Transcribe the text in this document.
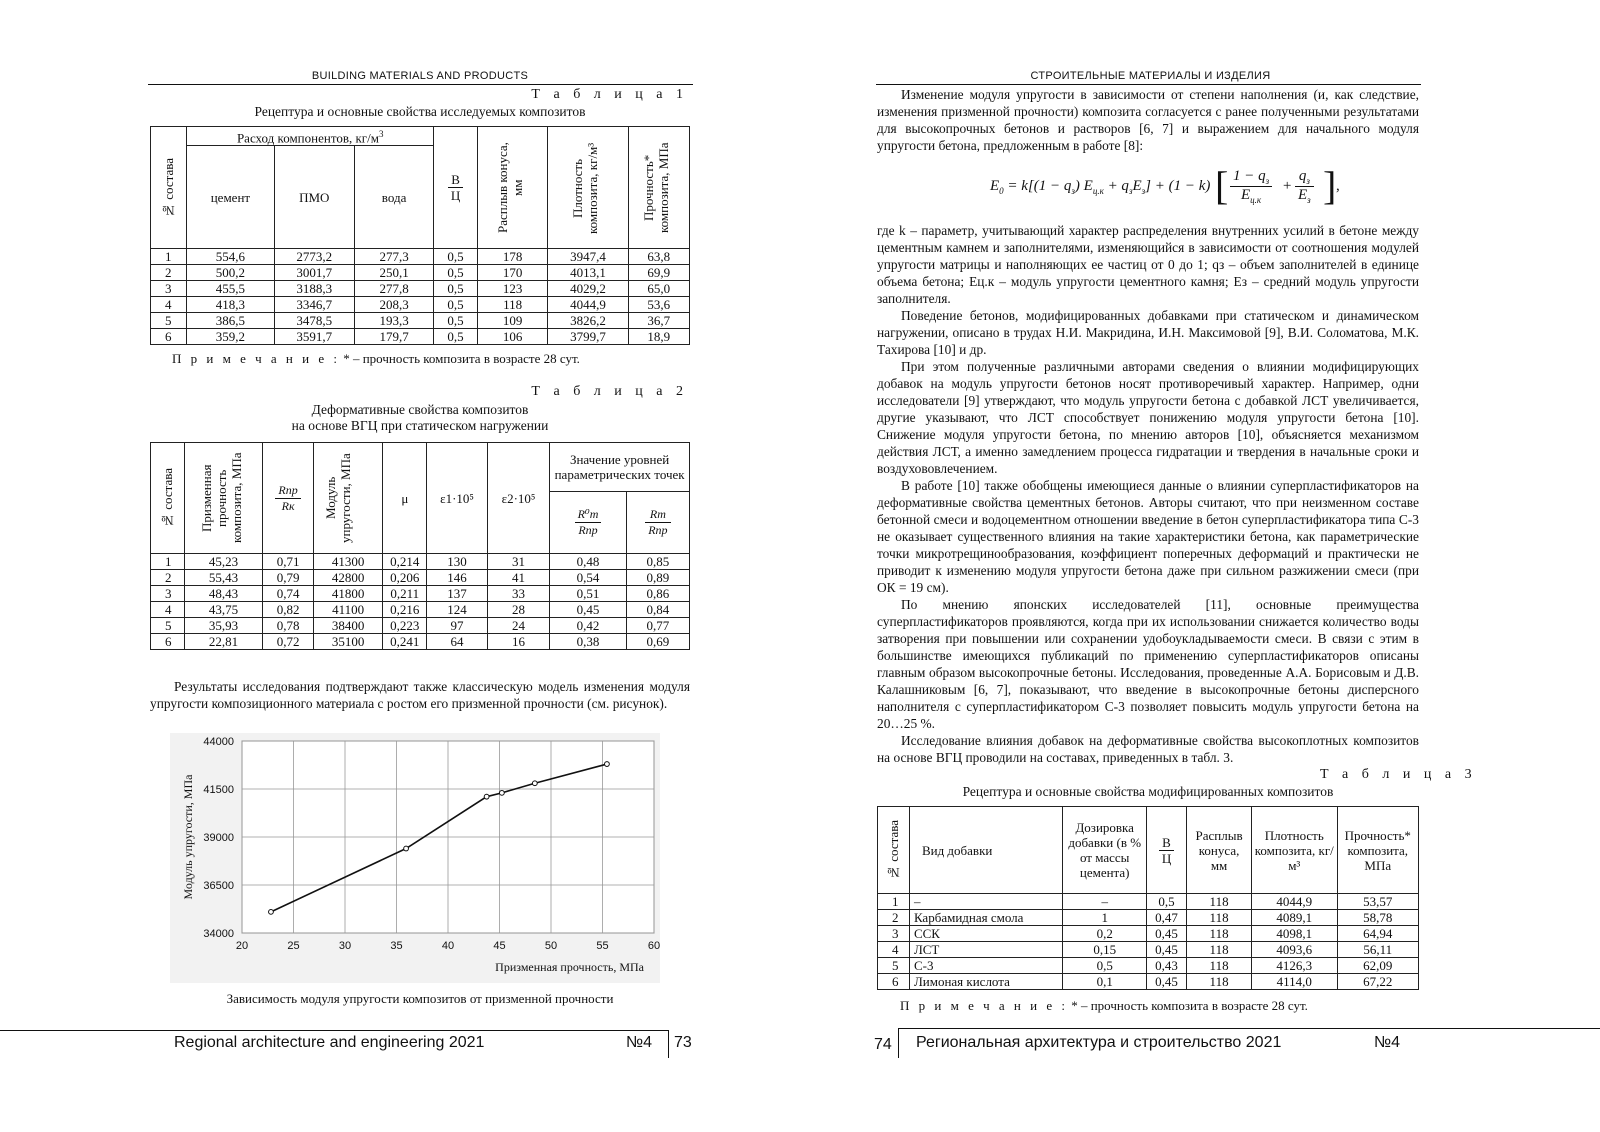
BUILDING MATERIALS AND PRODUCTS
Т а б л и ц а 1
Рецептура и основные свойства исследуемых композитов
№ состава	Расход компонентов, $кг/м^3$			$\frac{В}{Ц}$	Расплыв конуса, мм	Плотность композита, кг/м³	Прочность* композита, МПа

	цемент	ПМО	вода				
1	554,6	2773,2	277,3	0,5	178	3947,4	63,8
2	500,2	3001,7	250,1	0,5	170	4013,1	69,9
3	455,5	3188,3	277,8	0,5	123	4029,2	65,0
4	418,3	3346,7	208,3	0,5	118	4044,9	53,6
5	386,5	3478,5	193,3	0,5	109	3826,2	36,7
6	359,2	3591,7	179,7	0,5	106	3799,7	18,9
П р и м е ч а н и е : * – прочность композита в возрасте 28 сут.
Т а б л и ц а 2
Деформативные свойства композитов
на основе ВГЦ при статическом нагружении
№ состава	Призменная прочность композита, МПа	$\frac{\text{Rпр}}{Rк}$	Модуль упругости, МПа	μ	ε1·10⁵	ε2·10⁵	Значение уровней параметрических точек	

							$\frac{\text{R⁰т}}{\text{Rпр}}$	$\frac{Rт}{\text{Rпр}}$

1	45,23	0,71	41300	0,214	130	31	0,48	0,85
2	55,43	0,79	42800	0,206	146	41	0,54	0,89
3	48,43	0,74	41800	0,211	137	33	0,51	0,86
4	43,75	0,82	41100	0,216	124	28	0,45	0,84
5	35,93	0,78	38400	0,223	97	24	0,42	0,77
6	22,81	0,72	35100	0,241	64	16	0,38	0,69

Результаты исследования подтверждают также классическую модель изменения модуля упругости композиционного материала с ростом его призменной прочности (см. рисунок).

20	25	30	35	40	45	50	55	60
34000
36500
39000
41500
44000
Призменная прочность, МПа
Модуль упругости, МПа
Зависимость модуля упругости композитов от призменной прочности
Regional architecture and engineering 2021	№4 73
СТРОИТЕЛЬНЫЕ МАТЕРИАЛЫ И ИЗДЕЛИЯ

Изменение модуля упругости в зависимости от степени наполнения (и, как следствие, изменения призменной прочности) композита согласуется с ранее полученными результатами для высокопрочных бетонов и растворов [6, 7] и выражением для начального модуля упругости бетона, предложенным в работе [8]:

$E_0 = k[(1 - q_з) E_{ц.к} + q_зE_з] + (1 - k)$ [ $1 - q_з$
$E_{ц.к}$
+
$q_з$
$E_з$ ] ,

где k – параметр, учитывающий характер распределения внутренних усилий в бетоне между цементным камнем и заполнителями, изменяющийся в зависимости от соотношения модулей упругости матрицы и наполняющих ее частиц от 0 до 1; qз – объем заполнителей в единице объема бетона; Eц.к – модуль упругости цементного камня; Eз – средний модуль упругости заполнителя.

Поведение бетонов, модифицированных добавками при статическом и динамическом нагружении, описано в трудах Н.И. Макридина, И.Н. Максимовой [9], В.И. Соломатова, М.К. Тахирова [10] и др.

При этом полученные различными авторами сведения о влиянии модифицирующих добавок на модуль упругости бетонов носят противоречивый характер. Например, одни исследователи [9] утверждают, что модуль упругости бетона с добавкой ЛСТ увеличивается, другие указывают, что ЛСТ способствует понижению модуля упругости бетона [10]. Снижение модуля упругости бетона, по мнению авторов [10], объясняется механизмом действия ЛСТ, а именно замедлением процесса гидратации и твердения в начальные сроки и воздухововлечением.

В работе [10] также обобщены имеющиеся данные о влиянии суперпластификаторов на деформативные свойства цементных бетонов. Авторы считают, что при неизменном составе бетонной смеси и водоцементном отношении введение в бетон суперпластификатора типа С-3 не оказывает существенного влияния на такие характеристики бетона, как параметрические точки микротрещинообразования, коэффициент поперечных деформаций и практически не приводит к изменению модуля упругости бетона даже при сильном разжижении смеси (при ОК = 19 см).

По мнению японских исследователей [11], основные преимущества суперпластификаторов проявляются, когда при их использовании снижается количество воды затворения при повышении или сохранении удобоукладываемости смеси. В связи с этим в большинстве имеющихся публикаций по применению суперпластификаторов описаны главным образом высокопрочные бетоны. Исследования, проведенные А.А. Борисовым и Д.В. Калашниковым [6, 7], показывают, что введение в высокопрочные бетоны дисперсного наполнителя с суперпластификатором С-3 позволяет повысить модуль упругости бетона на 20…25 %.

Исследование влияния добавок на деформативные свойства высокоплотных композитов на основе ВГЦ проводили на составах, приведенных в табл. 3.

Т а б л и ц а 3
Рецептура и основные свойства модифицированных композитов
№ состава	Вид добавки	Дозировка добавки (в % от массы цемента)	$\frac{В}{Ц}$	Расплыв конуса, мм	Плотность композита, кг/м³	Прочность* композита, МПа
1	–	–	0,5	118	4044,9	53,57
2	Карбамидная смола	1	0,47	118	4089,1	58,78
3	ССК	0,2	0,45	118	4098,1	64,94
4	ЛСТ	0,15	0,45	118	4093,6	56,11
5	С-3	0,5	0,43	118	4126,3	62,09
6	Лимоная кислота	0,1	0,45	118	4114,0	67,22
П р и м е ч а н и е : * – прочность композита в возрасте 28 сут.
74 Региональная архитектура и строительство 2021	№4
